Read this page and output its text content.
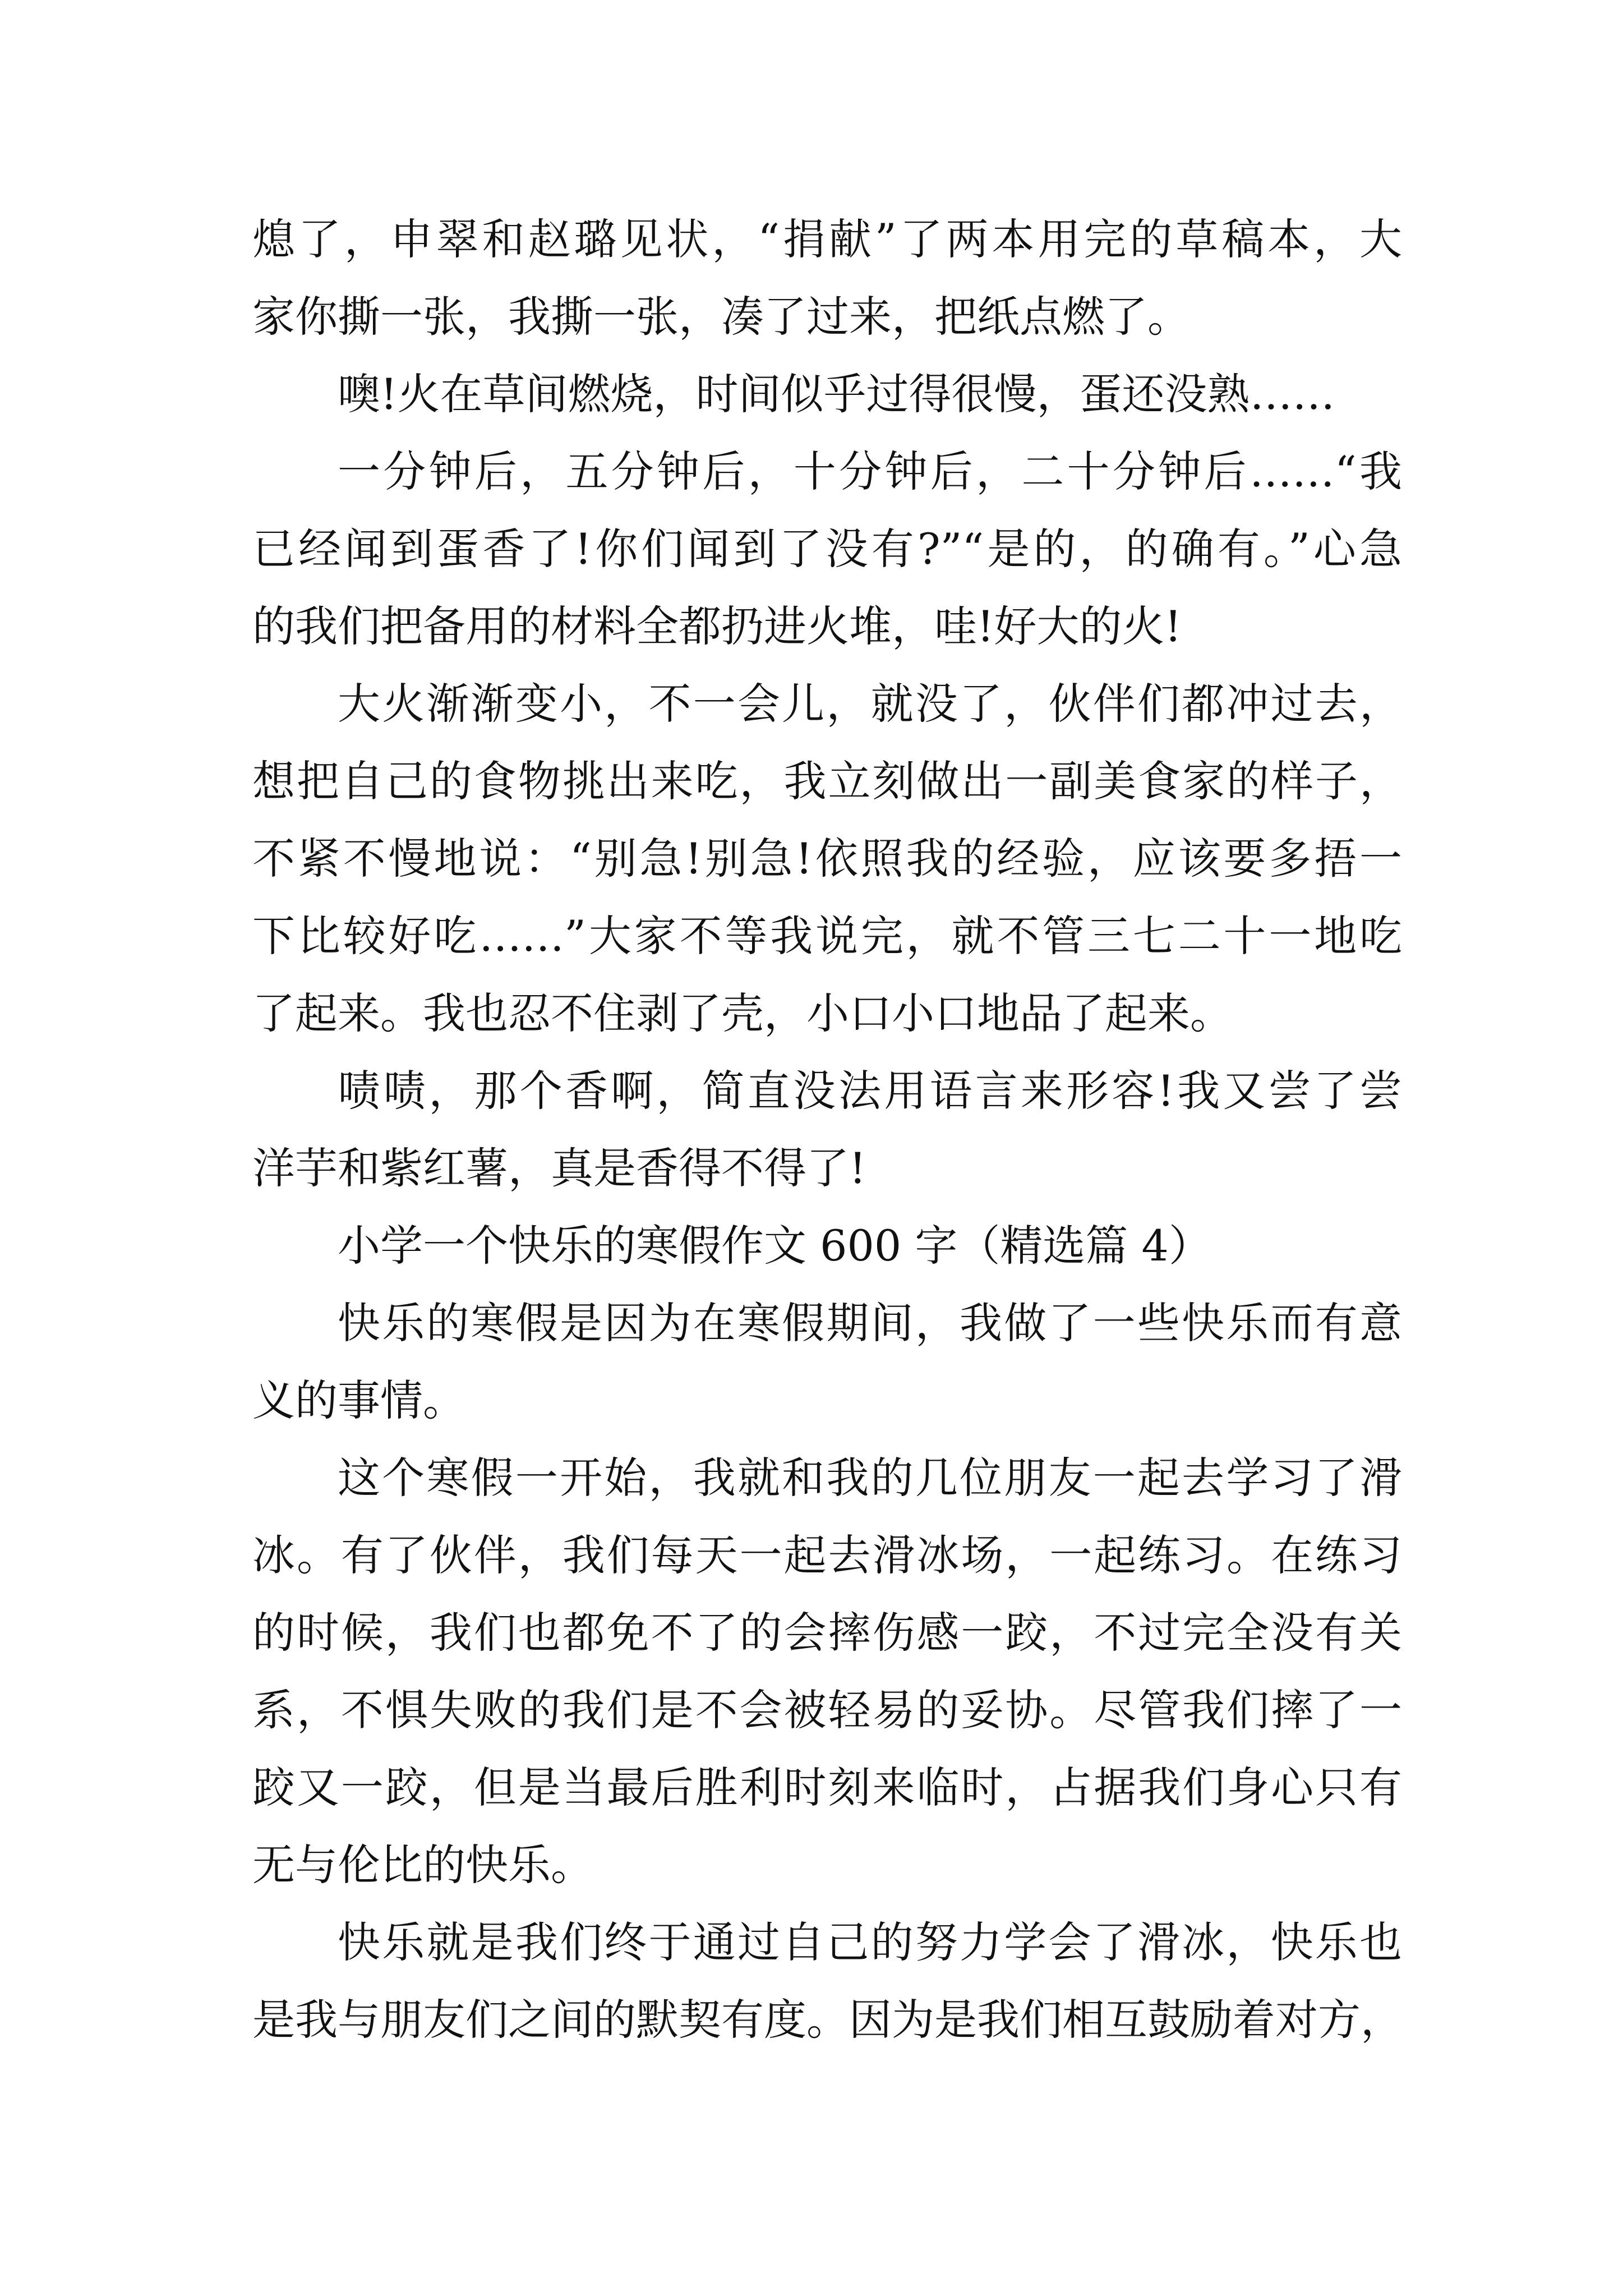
熄了，申翠和赵璐见状，“捐献”了两本用完的草稿本，大
家你撕一张，我撕一张，凑了过来，把纸点燃了。
噢!火在草间燃烧，时间似乎过得很慢，蛋还没熟……
一分钟后，五分钟后，十分钟后，二十分钟后……“我
已经闻到蛋香了!你们闻到了没有?”“是的，的确有。”心急
的我们把备用的材料全都扔进火堆，哇!好大的火!
大火渐渐变小，不一会儿，就没了，伙伴们都冲过去，
想把自己的食物挑出来吃，我立刻做出一副美食家的样子，
不紧不慢地说：“别急!别急!依照我的经验，应该要多捂一
下比较好吃……”大家不等我说完，就不管三七二十一地吃
了起来。我也忍不住剥了壳，小口小口地品了起来。
啧啧，那个香啊，简直没法用语言来形容!我又尝了尝
洋芋和紫红薯，真是香得不得了!
小学一个快乐的寒假作文 600 字（精选篇 4）
快乐的寒假是因为在寒假期间，我做了一些快乐而有意
义的事情。
这个寒假一开始，我就和我的几位朋友一起去学习了滑
冰。有了伙伴，我们每天一起去滑冰场，一起练习。在练习
的时候，我们也都免不了的会摔伤感一跤，不过完全没有关
系，不惧失败的我们是不会被轻易的妥协。尽管我们摔了一
跤又一跤，但是当最后胜利时刻来临时，占据我们身心只有
无与伦比的快乐。
快乐就是我们终于通过自己的努力学会了滑冰，快乐也
是我与朋友们之间的默契有度。因为是我们相互鼓励着对方，
